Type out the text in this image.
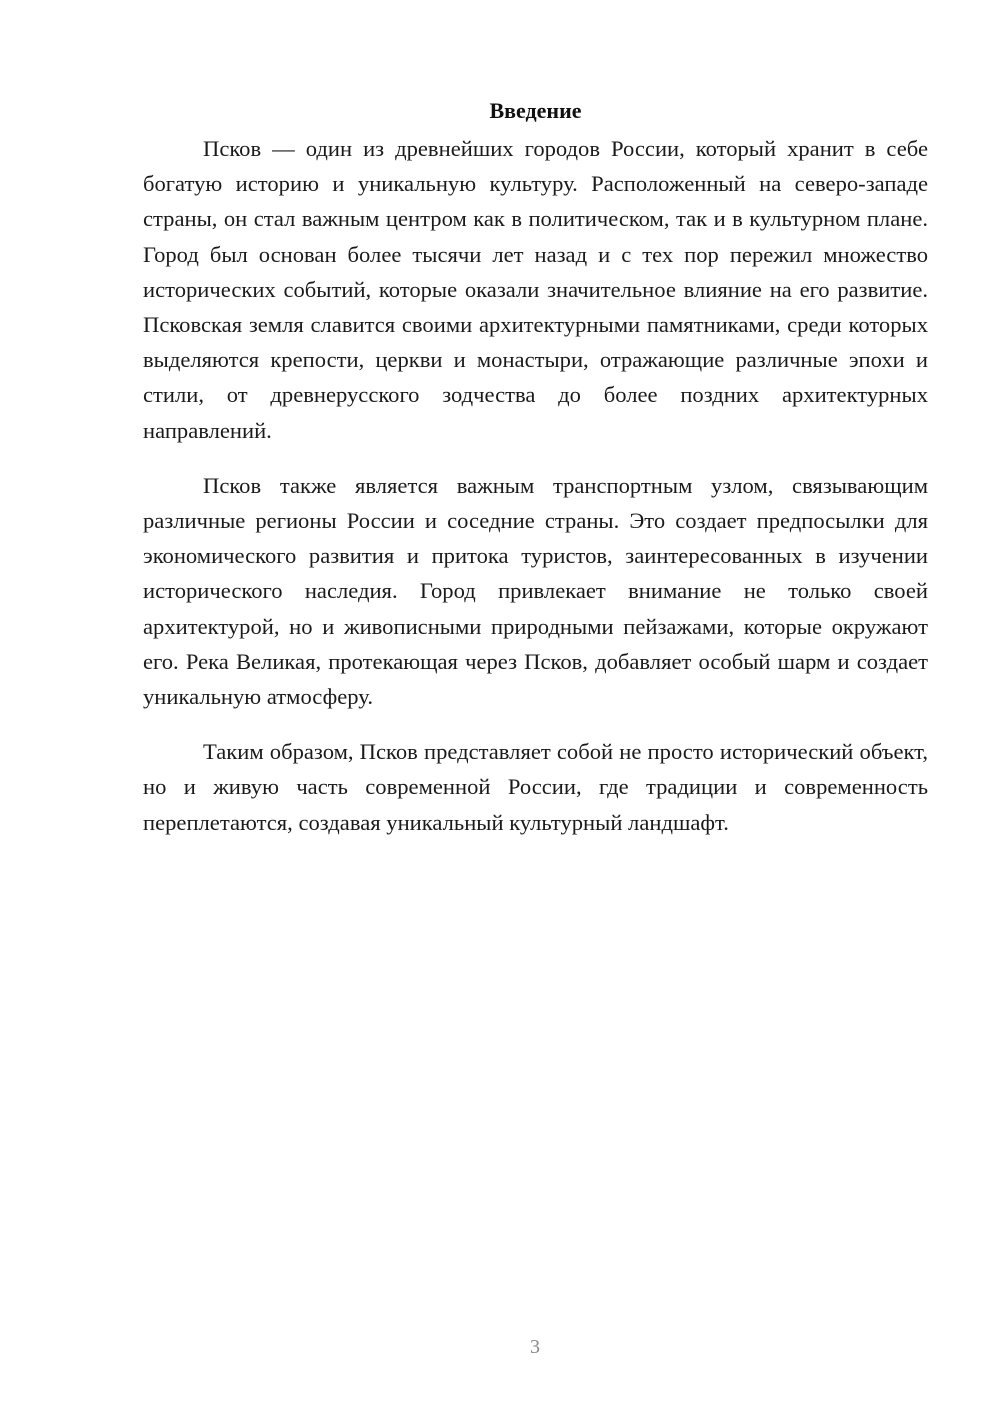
Введение

Псков — один из древнейших городов России, который хранит в себе богатую историю и уникальную культуру. Расположенный на северо-западе страны, он стал важным центром как в политическом, так и в культурном плане. Город был основан более тысячи лет назад и с тех пор пережил множество исторических событий, которые оказали значительное влияние на его развитие. Псковская земля славится своими архитектурными памятниками, среди которых выделяются крепости, церкви и монастыри, отражающие различные эпохи и стили, от древнерусского зодчества до более поздних архитектурных направлений.

Псков также является важным транспортным узлом, связывающим различные регионы России и соседние страны. Это создает предпосылки для экономического развития и притока туристов, заинтересованных в изучении исторического наследия. Город привлекает внимание не только своей архитектурой, но и живописными природными пейзажами, которые окружают его. Река Великая, протекающая через Псков, добавляет особый шарм и создает уникальную атмосферу.

Таким образом, Псков представляет собой не просто исторический объект, но и живую часть современной России, где традиции и современность переплетаются, создавая уникальный культурный ландшафт.

3
